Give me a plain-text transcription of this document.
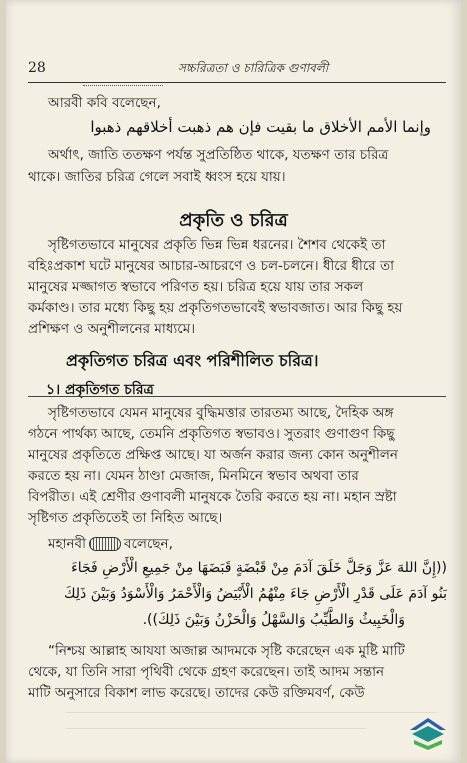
28	সচ্চরিত্রতা ও চারিত্রিক গুণাবলী
আরবী কবি বলেছেন,
وإنما الأمم الأخلاق ما بقيت فإن هم ذهبت أخلاقهم ذهبوا
অর্থাৎ, জাতি ততক্ষণ পর্যন্ত সুপ্রতিষ্ঠিত থাকে, যতক্ষণ তার চরিত্র
থাকে। জাতির চরিত্র গেলে সবাই ধ্বংস হয়ে যায়।
প্রকৃতি ও চরিত্র
সৃষ্টিগতভাবে মানুষের প্রকৃতি ভিন্ন ভিন্ন ধরনের। শৈশব থেকেই তা
বহিঃপ্রকাশ ঘটে মানুষের আচার-আচরণে ও চল-চলনে। ধীরে ধীরে তা
মানুষের মজ্জাগত স্বভাবে পরিণত হয়। চরিত্র হয়ে যায় তার সকল
কর্মকাণ্ড। তার মধ্যে কিছু হয় প্রকৃতিগতভাবেই স্বভাবজাত। আর কিছু হয়
প্রশিক্ষণ ও অনুশীলনের মাধ্যমে।
প্রকৃতিগত চরিত্র এবং পরিশীলিত চরিত্র।
১। প্রকৃতিগত চরিত্র
সৃষ্টিগতভাবে যেমন মানুষের বুদ্ধিমত্তার তারতম্য আছে, দৈহিক অঙ্গ
গঠনে পার্থক্য আছে, তেমনি প্রকৃতিগত স্বভাবও। সুতরাং গুণাগুণ কিছু
মানুষের প্রকৃতিতে প্রক্ষিপ্ত আছে। যা অর্জন করার জন্য কোন অনুশীলন
করতে হয় না। যেমন ঠাণ্ডা মেজাজ, মিনমিনে স্বভাব অথবা তার
বিপরীত। এই শ্রেণীর গুণাবলী মানুষকে তৈরি করতে হয় না। মহান স্রষ্টা
সৃষ্টিগত প্রকৃতিতেই তা নিহিত আছে।
মহানবী	বলেছেন,
((إِنَّ اللهَ عَزَّ وَجَلَّ خَلَقَ آدَمَ مِنْ قَبْضَةٍ قَبَضَهَا مِنْ جَمِيعِ الْأَرْضِ فَجَاءَ
بَنُو آدَمَ عَلَى قَدْرِ الْأَرْضِ جَاءَ مِنْهُمُ الْأَبْيَضُ وَالْأَحْمَرُ وَالْأَسْوَدُ وَبَيْنَ ذَلِكَ
وَالْخَبِيثُ وَالطَّيِّبُ وَالسَّهْلُ وَالْحَزْنُ وَبَيْنَ ذَلِكَ)).
“নিশ্চয় আল্লাহ আযযা অজাল্ল আদমকে সৃষ্টি করেছেন এক মুষ্টি মাটি
থেকে, যা তিনি সারা পৃথিবী থেকে গ্রহণ করেছেন। তাই আদম সন্তান
মাটি অনুসারে বিকাশ লাভ করেছে। তাদের কেউ রক্তিমবর্ণ, কেউ
